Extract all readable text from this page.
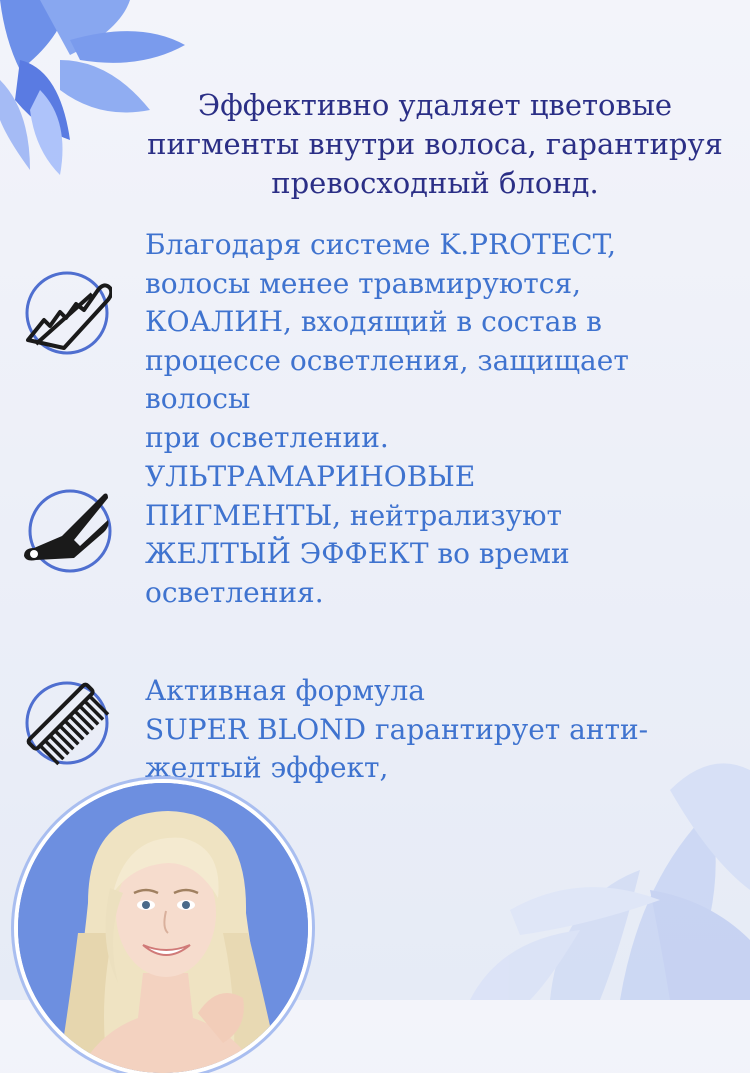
Эффективно удаляет цветовые
пигменты внутри волоса, гарантируя
превосходный блонд.
Благодаря системе K.PROTECT,
волосы менее травмируются,
КОАЛИН, входящий в состав в
процессе осветления, защищает волосы
при осветлении.
УЛЬТРАМАРИНОВЫЕ
ПИГМЕНТЫ, нейтрализуют
ЖЕЛТЫЙ ЭФФЕКТ во времи
осветления.
Активная формула
SUPER BLOND гарантирует анти-
желтый эффект,
